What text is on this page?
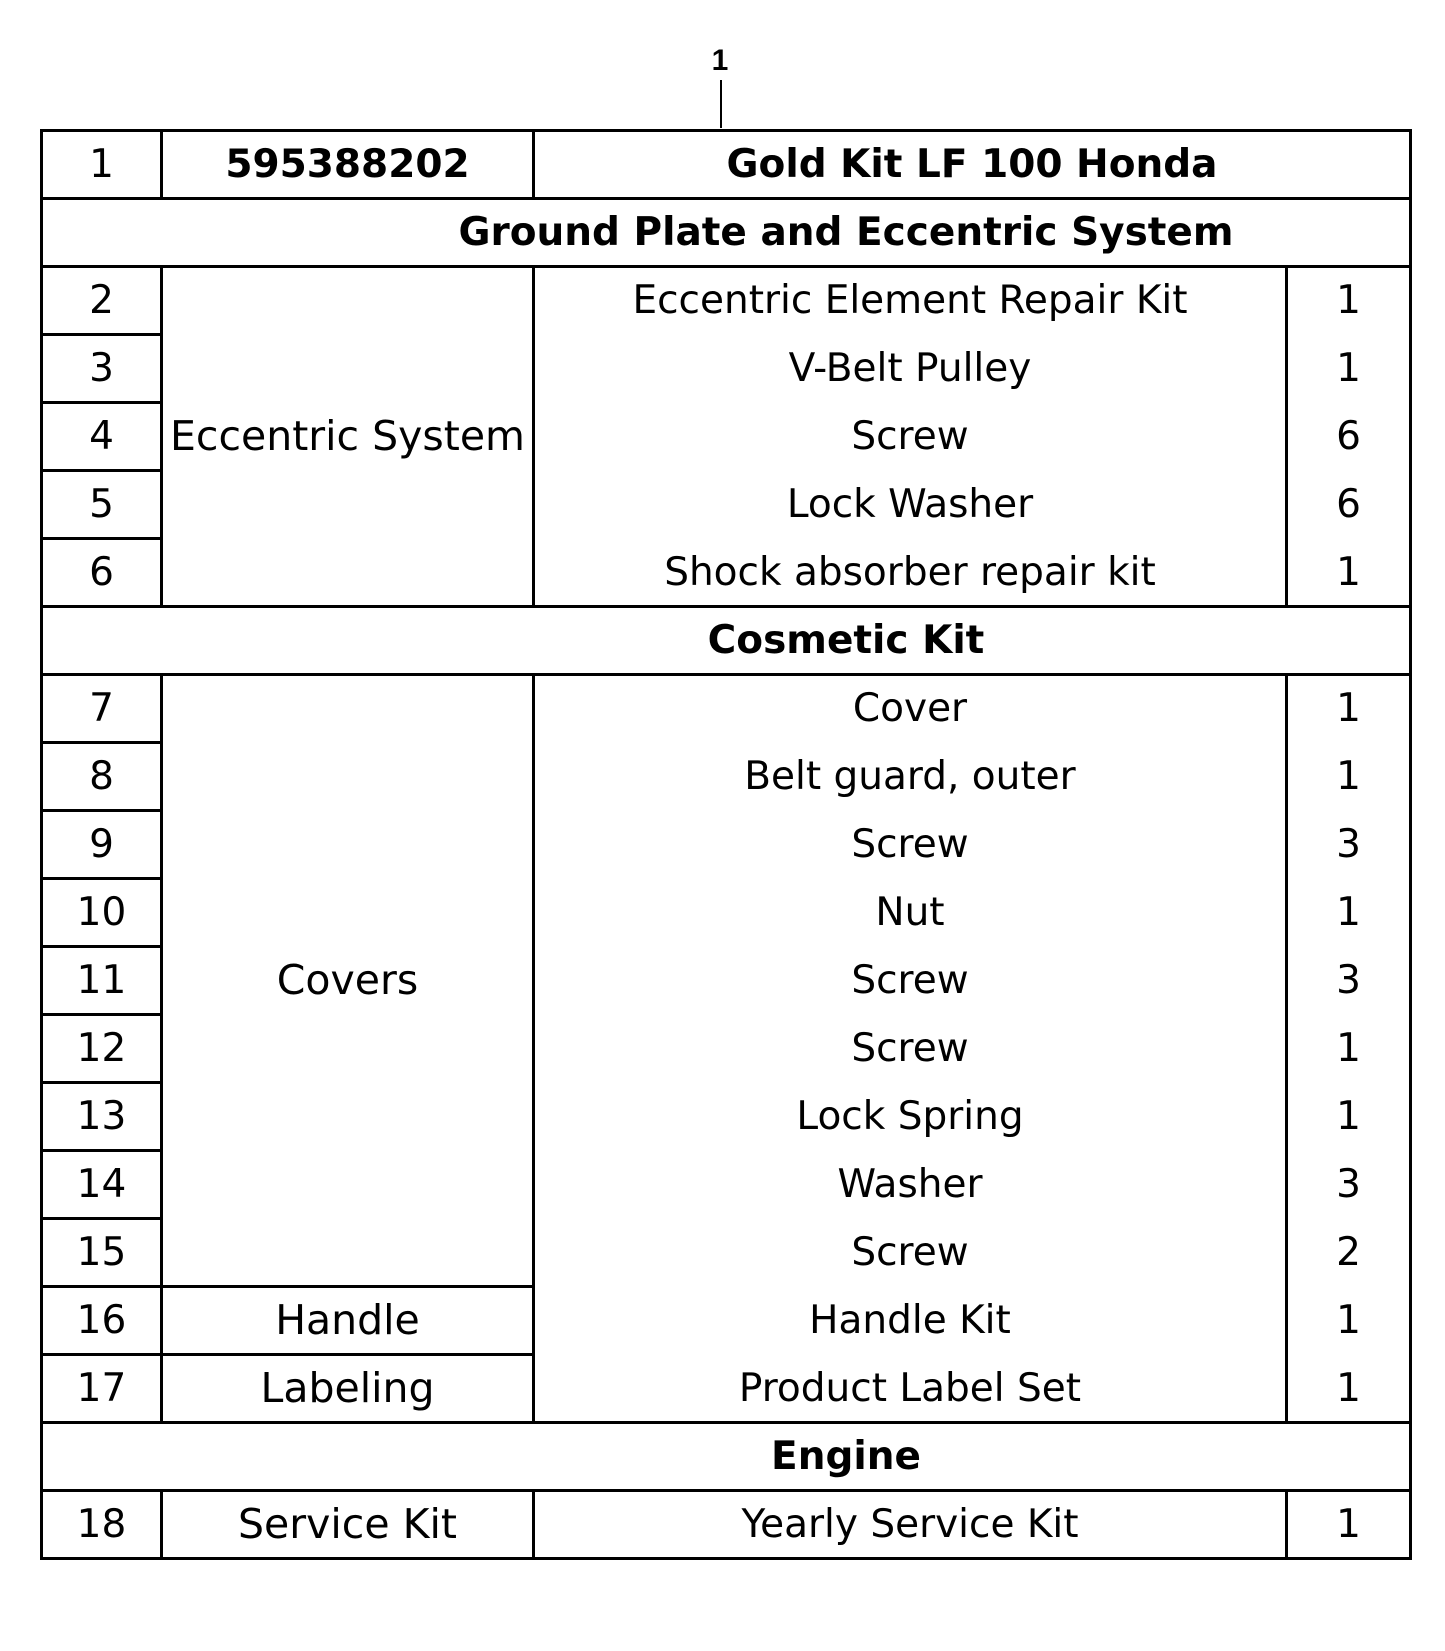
1
1	595388202	Gold Kit LF 100 Honda	
Ground Plate and Eccentric System			
2	Eccentric System	Eccentric Element Repair Kit	1
3		V-Belt Pulley	1
4		Screw	6
5		Lock Washer	6
6		Shock absorber repair kit	1
Cosmetic Kit			
7	Covers	Cover	1
8		Belt guard, outer	1
9		Screw	3
10		Nut	1
11		Screw	3
12		Screw	1
13		Lock Spring	1
14		Washer	3
15		Screw	2
16	Handle	Handle Kit	1
17	Labeling	Product Label Set	1
Engine			
18	Service Kit	Yearly Service Kit	1
